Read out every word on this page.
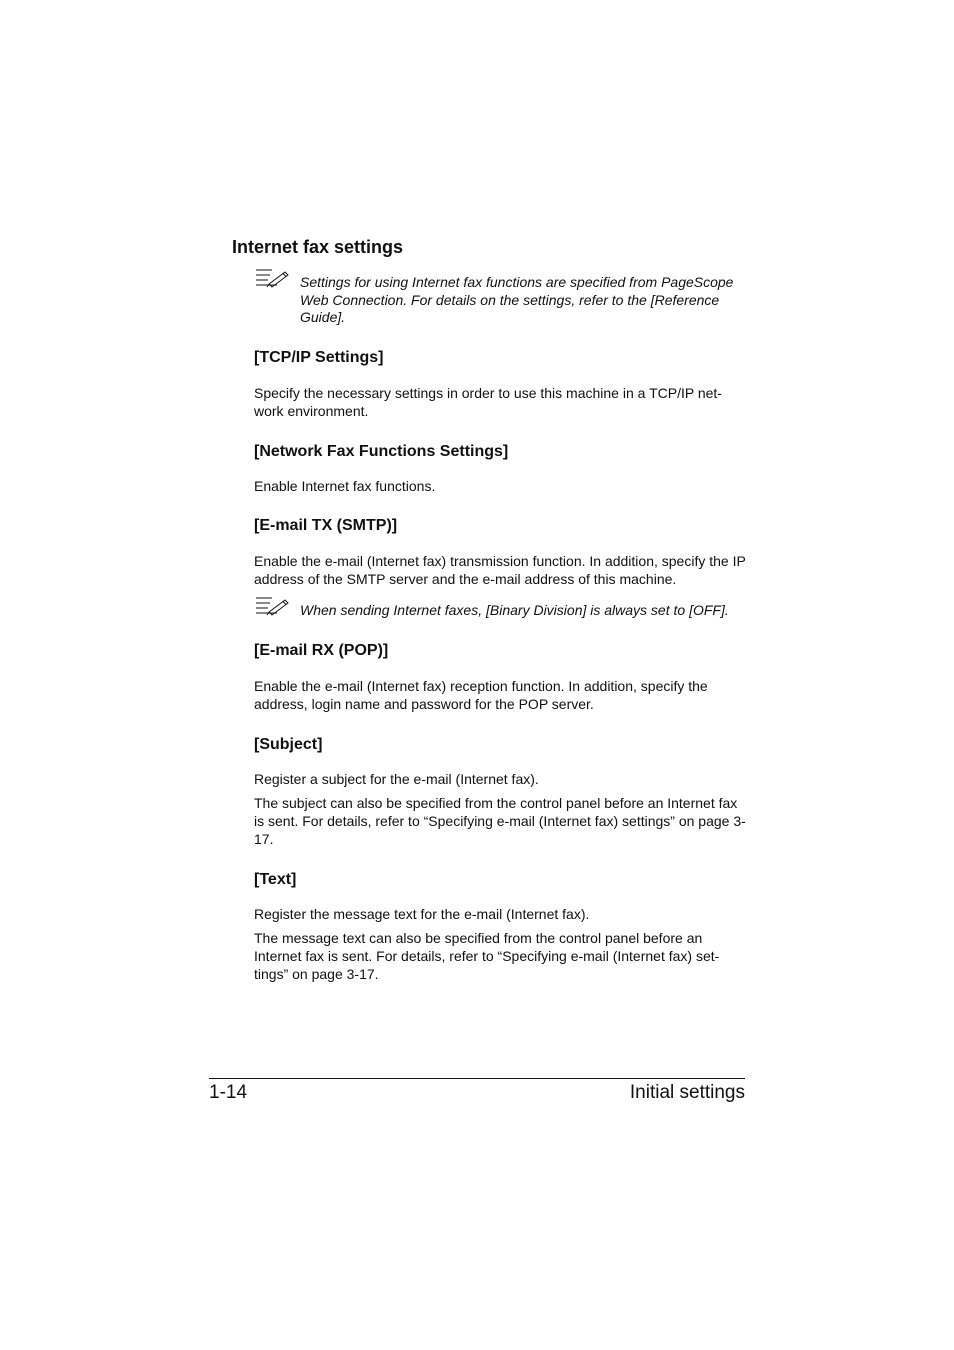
Internet fax settings

Settings for using Internet fax functions are specified from PageScope Web Connection. For details on the settings, refer to the [Reference Guide].

[TCP/IP Settings]

Specify the necessary settings in order to use this machine in a TCP/IP net-work environment.

[Network Fax Functions Settings]

Enable Internet fax functions.

[E-mail TX (SMTP)]

Enable the e-mail (Internet fax) transmission function. In addition, specify the IP address of the SMTP server and the e-mail address of this machine.

When sending Internet faxes, [Binary Division] is always set to [OFF].

[E-mail RX (POP)]

Enable the e-mail (Internet fax) reception function. In addition, specify the address, login name and password for the POP server.

[Subject]

Register a subject for the e-mail (Internet fax).

The subject can also be specified from the control panel before an Internet fax is sent. For details, refer to “Specifying e-mail (Internet fax) settings” on page 3-17.

[Text]

Register the message text for the e-mail (Internet fax).

The message text can also be specified from the control panel before an Internet fax is sent. For details, refer to “Specifying e-mail (Internet fax) set-tings” on page 3-17.

1-14	Initial settings
